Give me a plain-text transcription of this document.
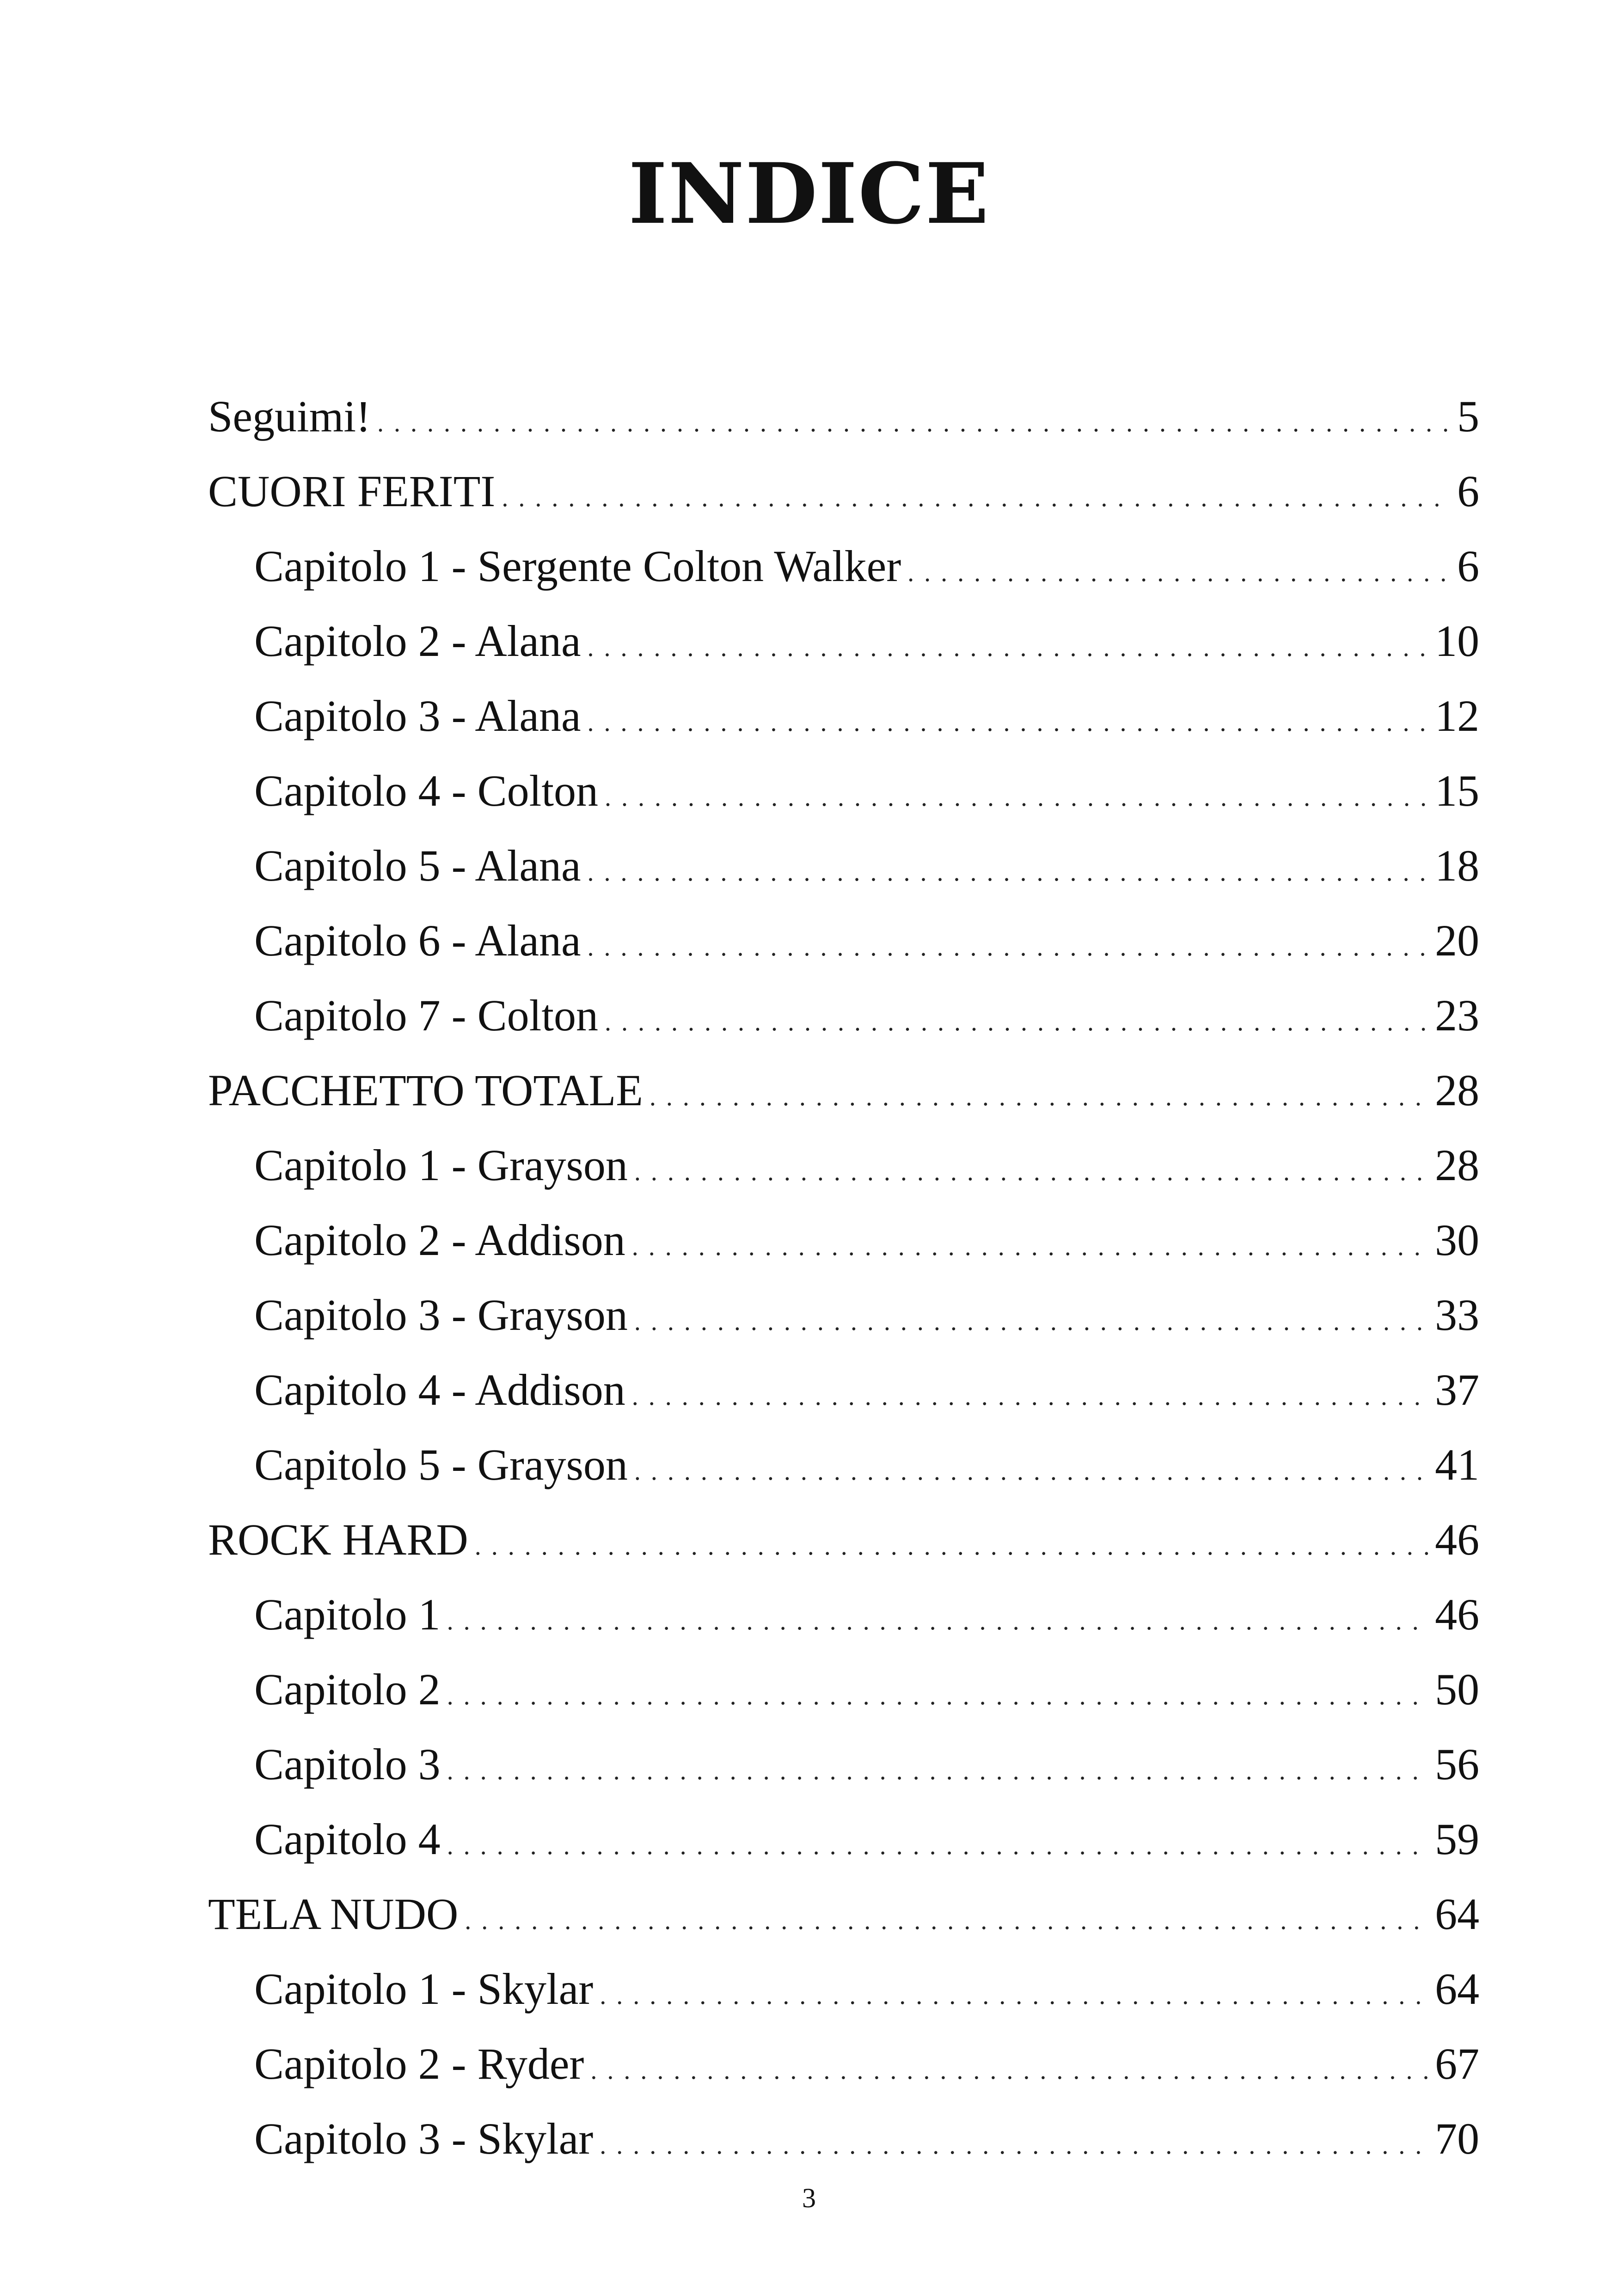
INDICE
Seguimi! . . .	5
CUORI FERITI . . .	6
Capitolo 1 - Sergente Colton Walker . . .	6
Capitolo 2 - Alana . . .	10
Capitolo 3 - Alana . . .	12
Capitolo 4 - Colton . . .	15
Capitolo 5 - Alana . . .	18
Capitolo 6 - Alana . . .	20
Capitolo 7 - Colton . . .	23
PACCHETTO TOTALE . . .	28
Capitolo 1 - Grayson . . .	28
Capitolo 2 - Addison . . .	30
Capitolo 3 - Grayson . . .	33
Capitolo 4 - Addison . . .	37
Capitolo 5 - Grayson . . .	41
ROCK HARD . . .	46
Capitolo 1 . . .	46
Capitolo 2 . . .	50
Capitolo 3 . . .	56
Capitolo 4 . . .	59
TELA NUDO . . .	64
Capitolo 1 - Skylar . . .	64
Capitolo 2 - Ryder . . .	67
Capitolo 3 - Skylar . . .	70
3
